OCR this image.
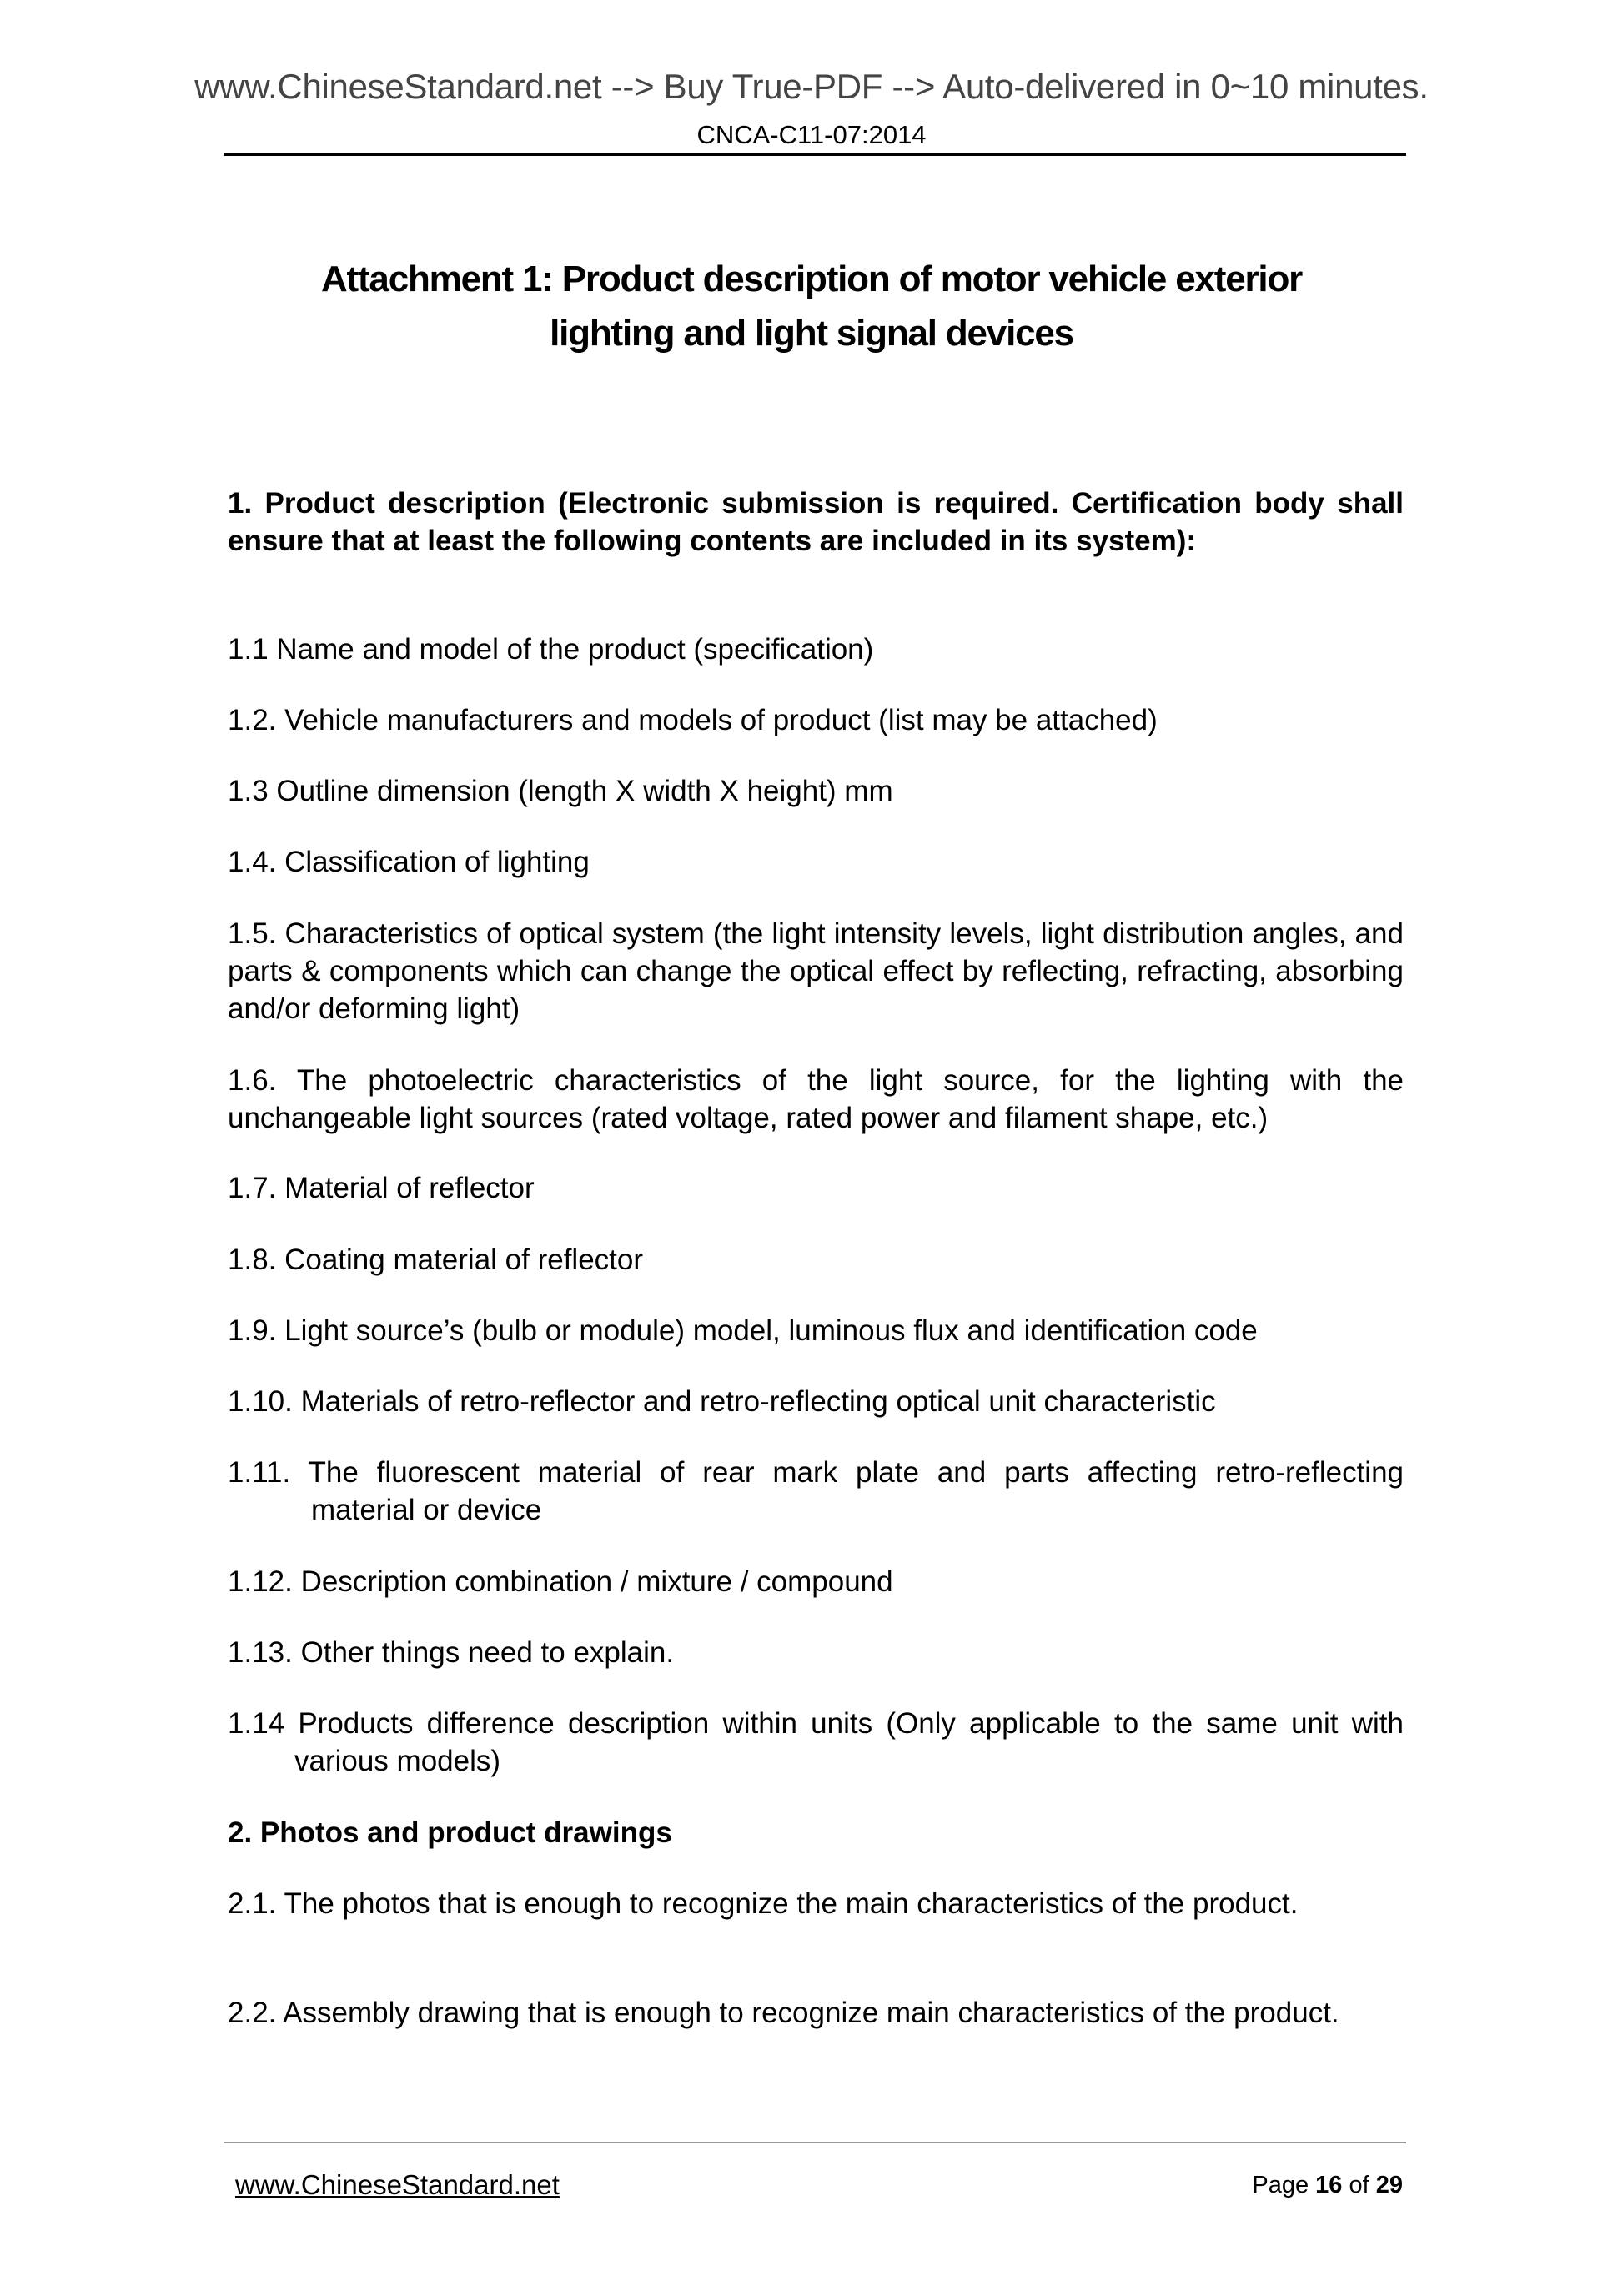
www.ChineseStandard.net --> Buy True-PDF --> Auto-delivered in 0~10 minutes.
CNCA-C11-07:2014
Attachment 1: Product description of motor vehicle exterior
lighting and light signal devices
1. Product description (Electronic submission is required. Certification body shall ensure that at least the following contents are included in its system):
1.1 Name and model of the product (specification)
1.2. Vehicle manufacturers and models of product (list may be attached)
1.3 Outline dimension (length X width X height) mm
1.4. Classification of lighting
1.5. Characteristics of optical system (the light intensity levels, light distribution angles, and parts & components which can change the optical effect by reflecting, refracting, absorbing and/or deforming light)
1.6. The photoelectric characteristics of the light source, for the lighting with the unchangeable light sources (rated voltage, rated power and filament shape, etc.)
1.7. Material of reflector
1.8. Coating material of reflector
1.9. Light source’s (bulb or module) model, luminous flux and identification code
1.10. Materials of retro-reflector and retro-reflecting optical unit characteristic
1.11. The fluorescent material of rear mark plate and parts affecting retro-reflecting material or device
1.12. Description combination / mixture / compound
1.13. Other things need to explain.
1.14 Products difference description within units (Only applicable to the same unit with various models)
2. Photos and product drawings
2.1. The photos that is enough to recognize the main characteristics of the product.
2.2. Assembly drawing that is enough to recognize main characteristics of the product.
www.ChineseStandard.net	Page 16 of 29
